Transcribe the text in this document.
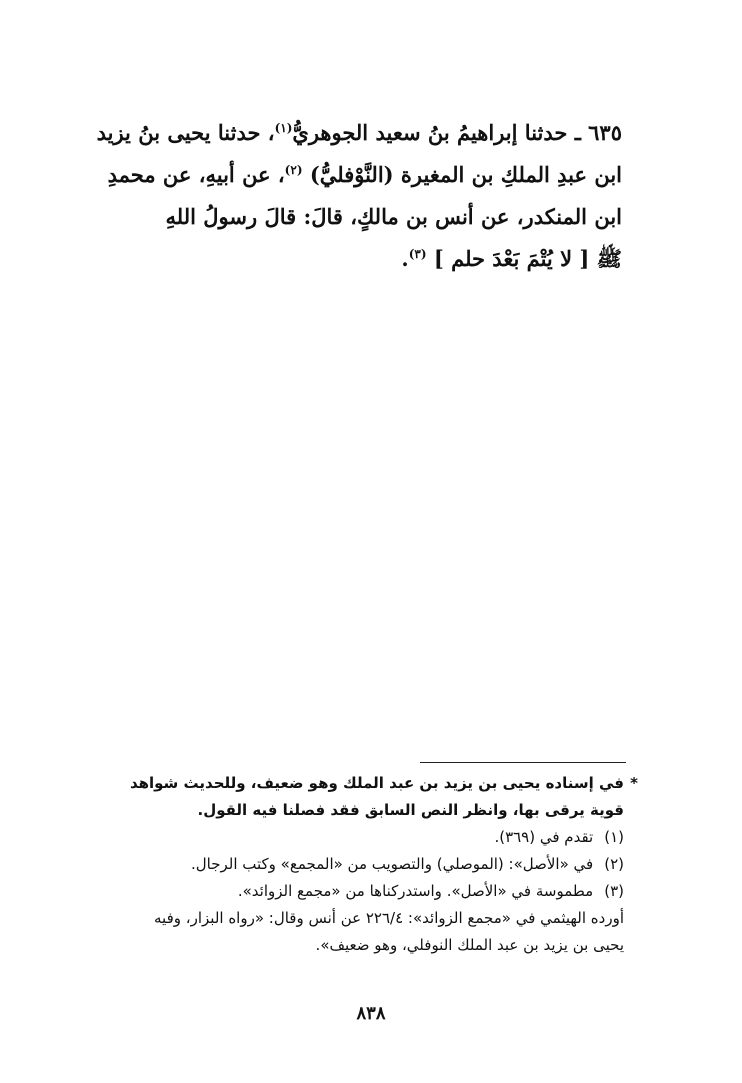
٦٣٥ ـ حدثنا إبراهيمُ بنُ سعيد الجوهريُّ$^{(١)}$، حدثنا يحيى بنُ يزيد
ابن عبدِ الملكِ بن المغيرة (النَّوْفليُّ) $^{(٢)}$، عن أبيهِ، عن محمدِ
ابن المنكدر، عن أنس بن مالكٍ، قالَ: قالَ رسولُ اللهِ
ﷺ [ لا يُتْمَ بَعْدَ حلم ] $^{(٣)}$.
*
في إسناده يحيى بن يزيد بن عبد الملك وهو ضعيف، وللحديث شواهد
قوية يرقى بها، وانظر النص السابق فقد فصلنا فيه القول.
(١) تقدم في (٣٦٩).
(٢) في «الأصل»: (الموصلي) والتصويب من «المجمع» وكتب الرجال.
(٣) مطموسة في «الأصل». واستدركناها من «مجمع الزوائد».
أورده الهيثمي في «مجمع الزوائد»: ٢٢٦/٤ عن أنس وقال: «رواه البزار، وفيه
يحيى بن يزيد بن عبد الملك النوفلي، وهو ضعيف».
٨٣٨
